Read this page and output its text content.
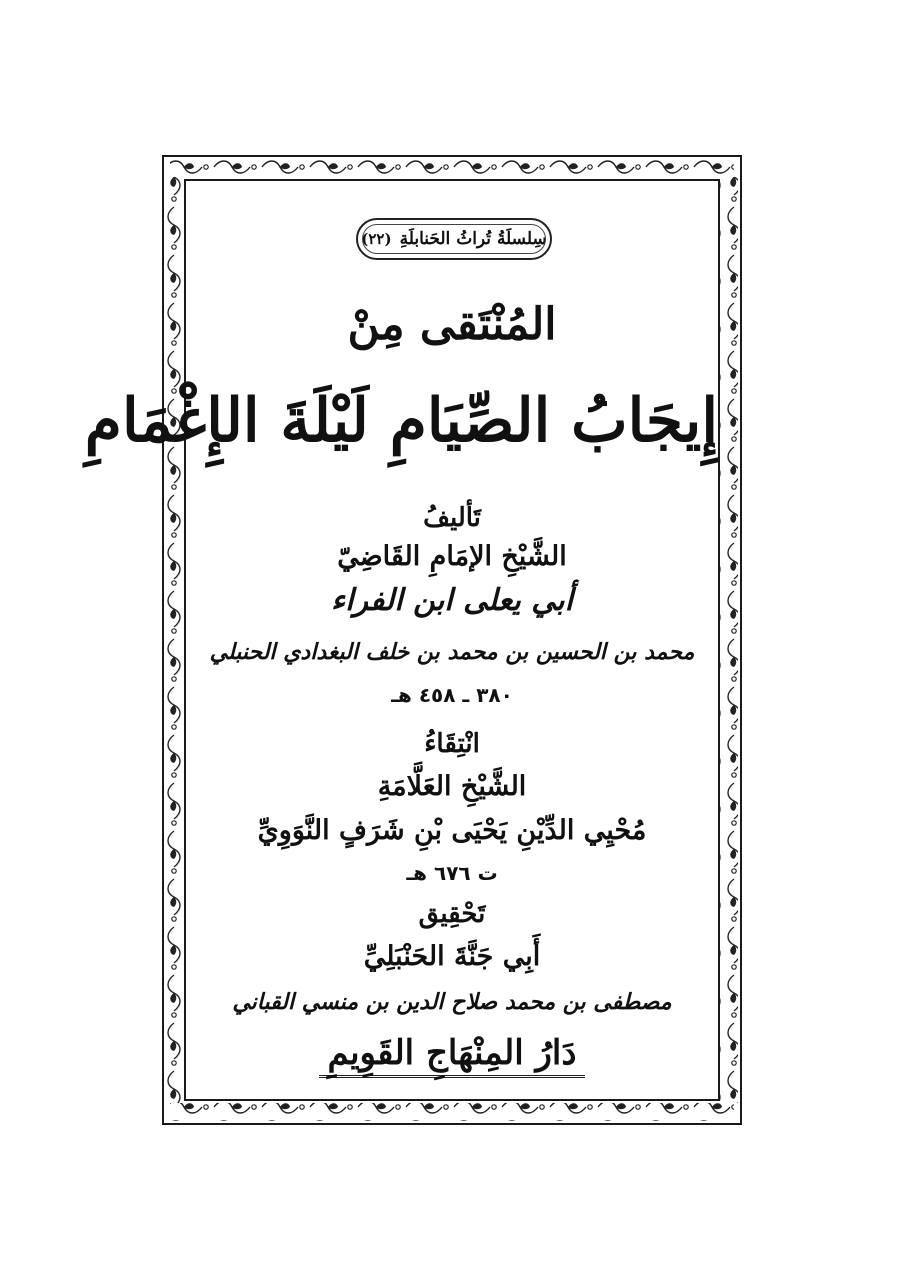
سِلسلَةُ تُراثُ الحَنابلَةِ
(٢٢)
المُنْتَقى مِنْ
إِيجَابُ الصِّيَامِ لَيْلَةَ الإِغْمَامِ
تَأليفُ
الشَّيْخِ الإمَامِ القَاضِيّ
أبي يعلى ابن الفراء
محمد بن الحسين بن محمد بن خلف البغدادي الحنبلي
٣٨٠ ـ ٤٥٨ هـ
انْتِقَاءُ
الشَّيْخِ العَلَّامَةِ
مُحْيِي الدِّيْنِ يَحْيَى بْنِ شَرَفٍ النَّوَوِيِّ
ت ٦٧٦ هـ
تَحْقِيق
أَبِي جَنَّةَ الحَنْبَلِيِّ
مصطفى بن محمد صلاح الدين بن منسي القباني
دَارُ المِنْهَاجِ القَوِيمِ
